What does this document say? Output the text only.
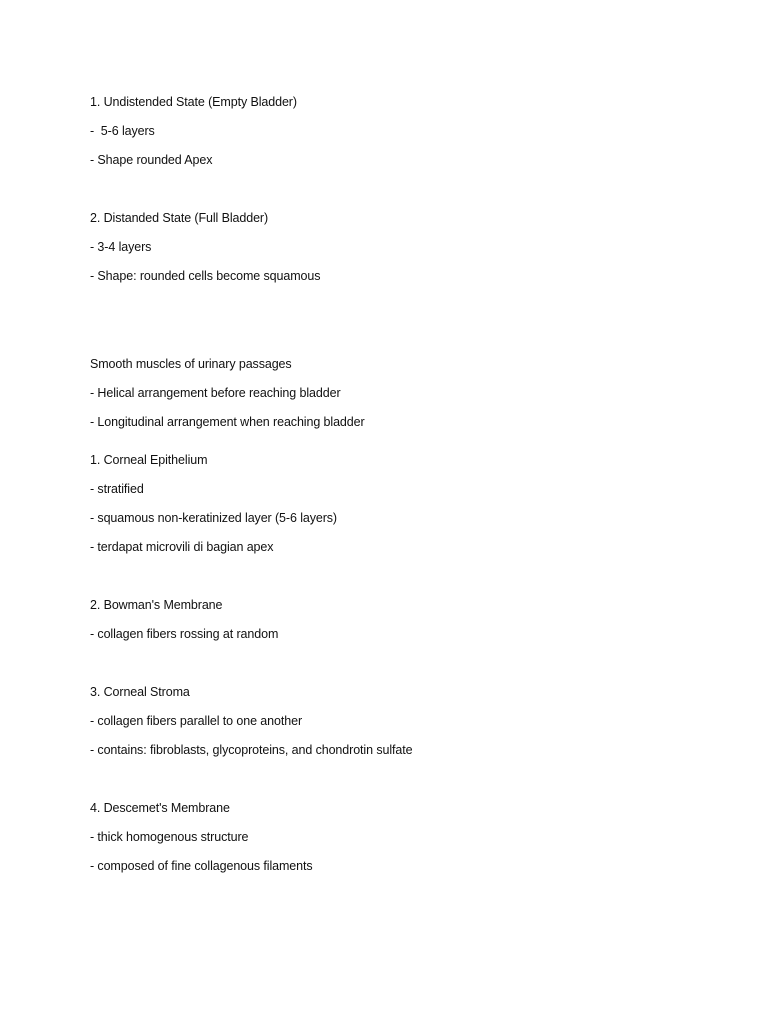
1. Undistended State (Empty Bladder)
-  5-6 layers
- Shape rounded Apex
2. Distanded State (Full Bladder)
- 3-4 layers
- Shape: rounded cells become squamous
Smooth muscles of urinary passages
- Helical arrangement before reaching bladder
- Longitudinal arrangement when reaching bladder
1. Corneal Epithelium
- stratified
- squamous non-keratinized layer (5-6 layers)
- terdapat microvili di bagian apex
2. Bowman's Membrane
- collagen fibers rossing at random
3. Corneal Stroma
- collagen fibers parallel to one another
- contains: fibroblasts, glycoproteins, and chondrotin sulfate
4. Descemet's Membrane
- thick homogenous structure
- composed of fine collagenous filaments
